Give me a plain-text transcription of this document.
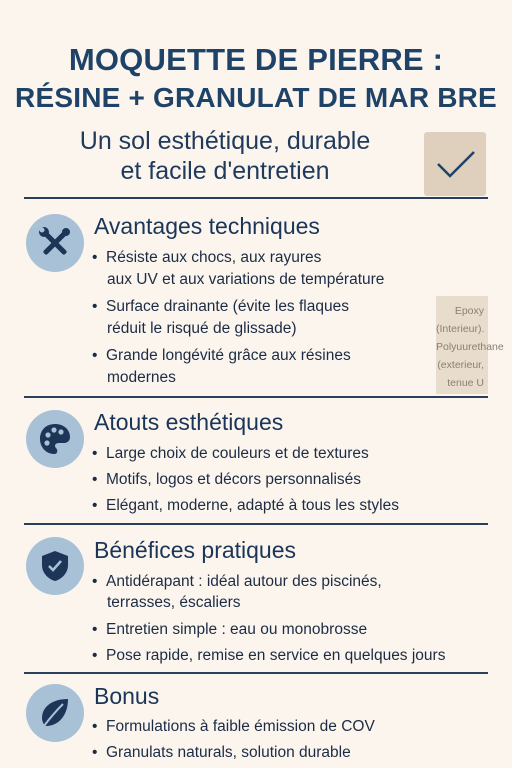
MOQUETTE DE PIERRE :
RÉSINE + GRANULAT DE MAR BRE
Un sol esthétique, durable
et facile d'entretien
Avantages techniques
• Résiste aux chocs, aux rayures
aux UV et aux variations de température
• Surface drainante (évite les flaques
réduit le risqué de glissade)
• Grande longévité grâce aux résines
modernes
Epoxy
(Interieur).
Polyuurethane
(exterieur,
tenue U
Atouts esthétiques
• Large choix de couleurs et de textures
• Motifs, logos et décors personnalisés
• Elégant, moderne, adapté à tous les styles
Bénéfices pratiques
• Antidérapant : idéal autour des piscinés,
terrasses, éscaliers
• Entretien simple : eau ou monobrosse
• Pose rapide, remise en service en quelques jours
Bonus
• Formulations à faible émission de COV
• Granulats naturals, solution durable
